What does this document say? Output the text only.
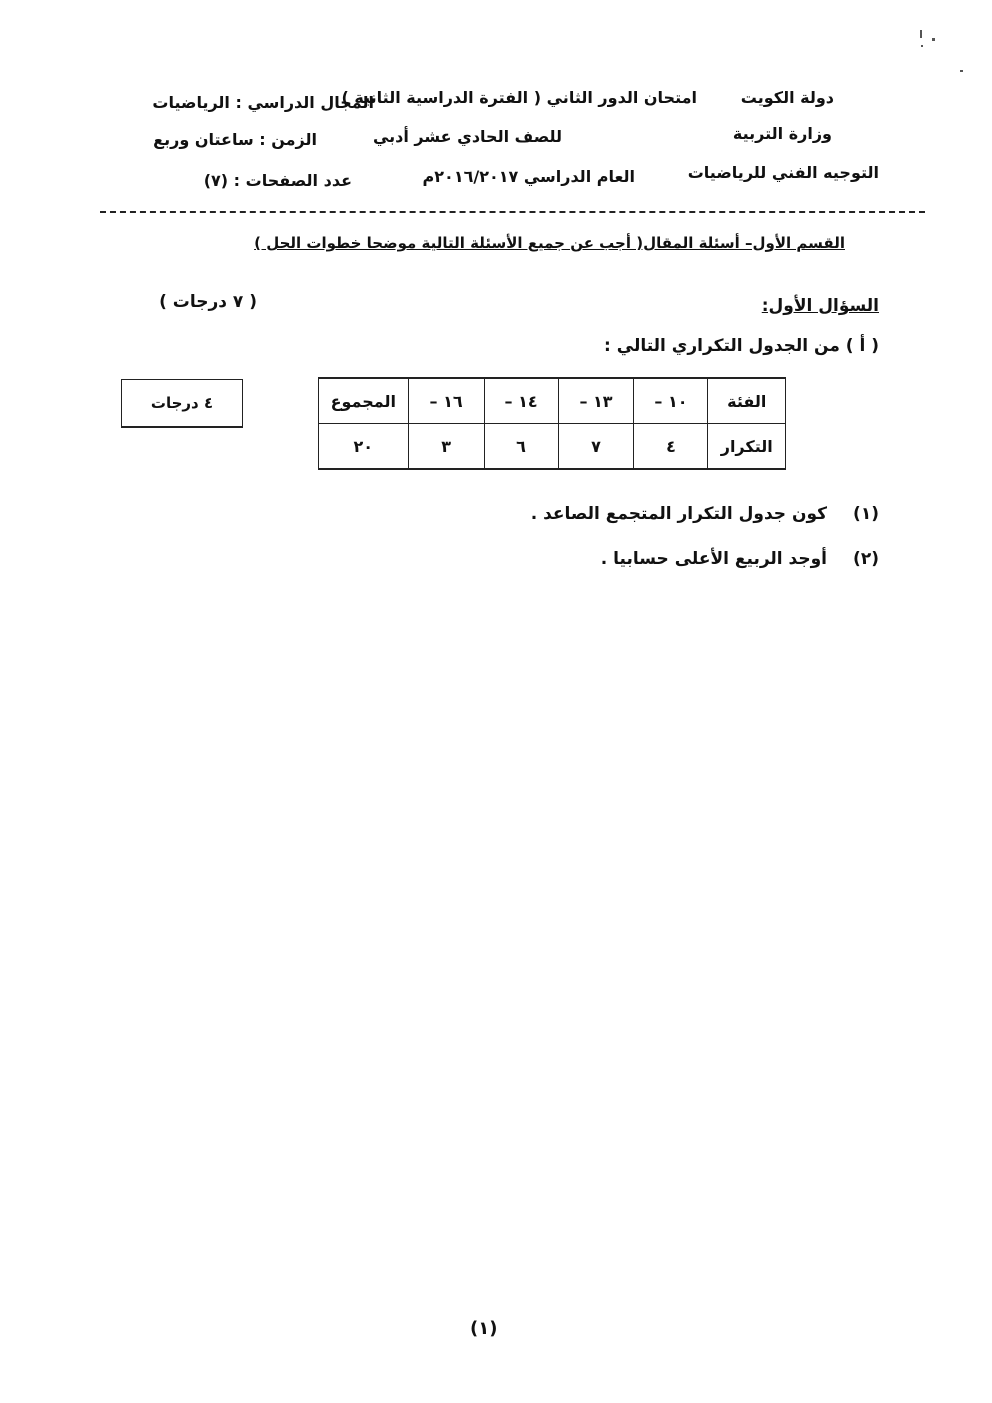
دولة الكويت
امتحان الدور الثاني ( الفترة الدراسية الثانية )
المجال الدراسي : الرياضيات
وزارة التربية
للصف الحادي عشر أدبي
الزمن : ساعتان وربع
التوجيه الفني للرياضيات
العام الدراسي ٢٠١٦/٢٠١٧م
عدد الصفحات : (٧)
القسم الأول– أسئلة المقال( أجب عن جميع الأسئلة التالية موضحا خطوات الحل )
السؤال الأول:
( ٧ درجات )
( أ ) من الجدول التكراري التالي :
الفئة	١٠ –	١٣ –	١٤ –	١٦ –	المجموع
التكرار	٤	٧	٦	٣	٢٠
٤ درجات
(١)
كون جدول التكرار المتجمع الصاعد .
(٢)
أوجد الربيع الأعلى حسابيا .
(١)
